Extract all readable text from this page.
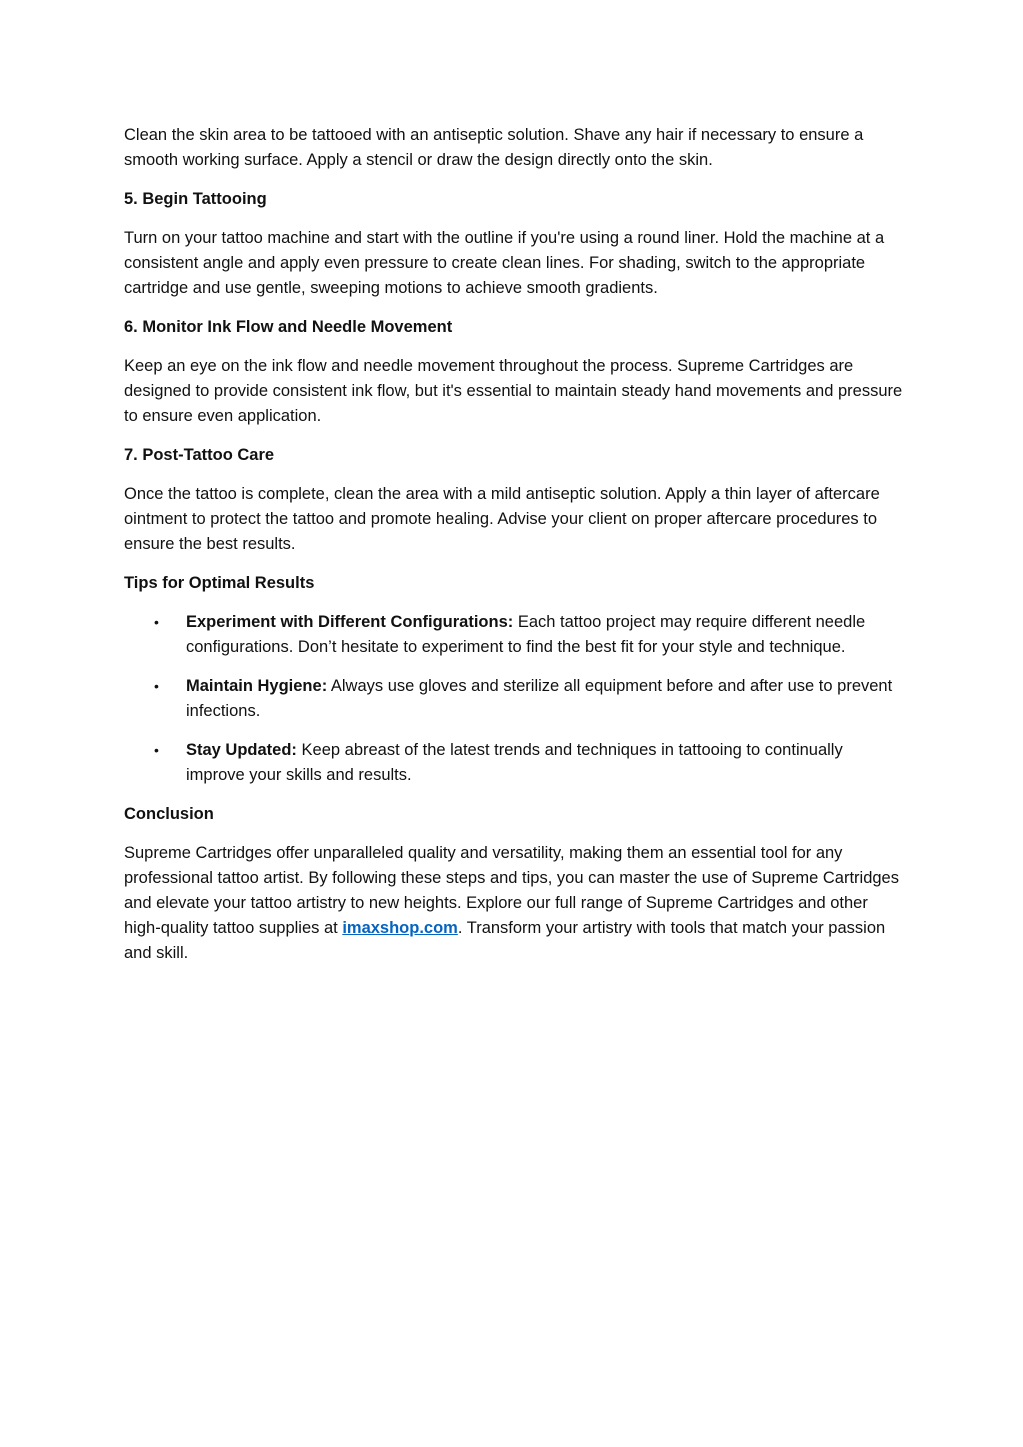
Clean the skin area to be tattooed with an antiseptic solution. Shave any hair if necessary to ensure a smooth working surface. Apply a stencil or draw the design directly onto the skin.

5. Begin Tattooing

Turn on your tattoo machine and start with the outline if you're using a round liner. Hold the machine at a consistent angle and apply even pressure to create clean lines. For shading, switch to the appropriate cartridge and use gentle, sweeping motions to achieve smooth gradients.

6. Monitor Ink Flow and Needle Movement

Keep an eye on the ink flow and needle movement throughout the process. Supreme Cartridges are designed to provide consistent ink flow, but it's essential to maintain steady hand movements and pressure to ensure even application.

7. Post-Tattoo Care

Once the tattoo is complete, clean the area with a mild antiseptic solution. Apply a thin layer of aftercare ointment to protect the tattoo and promote healing. Advise your client on proper aftercare procedures to ensure the best results.

Tips for Optimal Results

• Experiment with Different Configurations: Each tattoo project may require different needle configurations. Don’t hesitate to experiment to find the best fit for your style and technique.
• Maintain Hygiene: Always use gloves and sterilize all equipment before and after use to prevent infections.
• Stay Updated: Keep abreast of the latest trends and techniques in tattooing to continually improve your skills and results.

Conclusion

Supreme Cartridges offer unparalleled quality and versatility, making them an essential tool for any professional tattoo artist. By following these steps and tips, you can master the use of Supreme Cartridges and elevate your tattoo artistry to new heights. Explore our full range of Supreme Cartridges and other high-quality tattoo supplies at imaxshop.com. Transform your artistry with tools that match your passion and skill.
